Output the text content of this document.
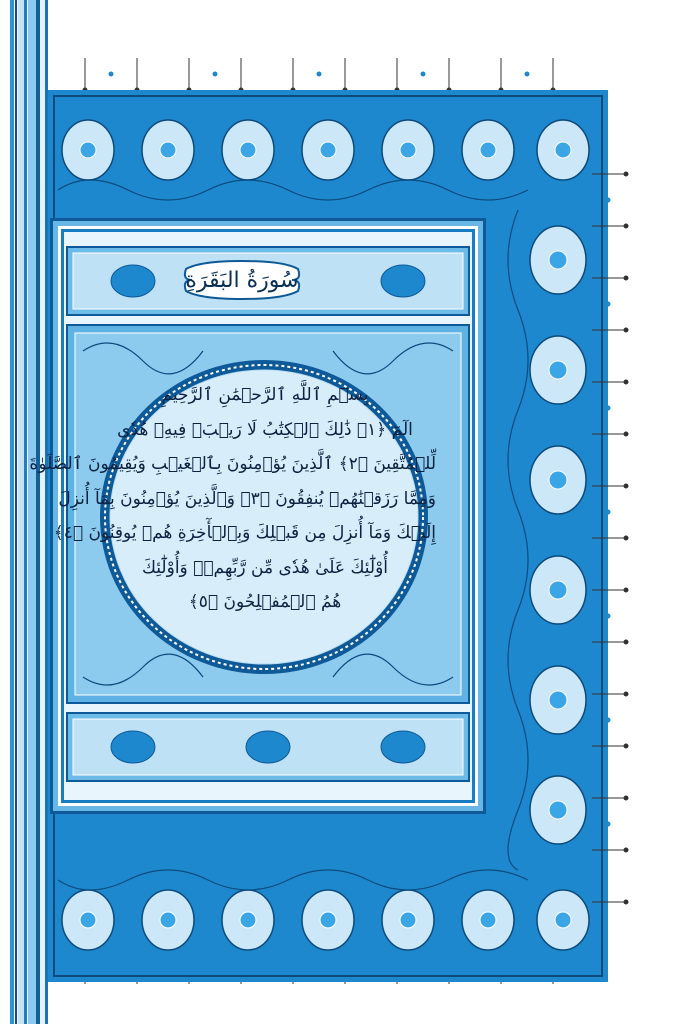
سُورَةُ البَقَرَةِ
بِسۡمِ ٱللَّهِ ٱلرَّحۡمَٰنِ ٱلرَّحِيمِ
الٓمٓ ﴿١﴾ ذَٰلِكَ ٱلۡكِتَٰبُ لَا رَيۡبَۛ فِيهِۛ هُدٗى
لِّلۡمُتَّقِينَ ﴿٢﴾ ٱلَّذِينَ يُؤۡمِنُونَ بِٱلۡغَيۡبِ وَيُقِيمُونَ ٱلصَّلَوٰةَ
وَمِمَّا رَزَقۡنَٰهُمۡ يُنفِقُونَ ﴿٣﴾ وَٱلَّذِينَ يُؤۡمِنُونَ بِمَآ أُنزِلَ
إِلَيۡكَ وَمَآ أُنزِلَ مِن قَبۡلِكَ وَبِٱلۡأٓخِرَةِ هُمۡ يُوقِنُونَ ﴿٤﴾
أُوْلَٰٓئِكَ عَلَىٰ هُدٗى مِّن رَّبِّهِمۡۖ وَأُوْلَٰٓئِكَ
هُمُ ٱلۡمُفۡلِحُونَ ﴿٥﴾
